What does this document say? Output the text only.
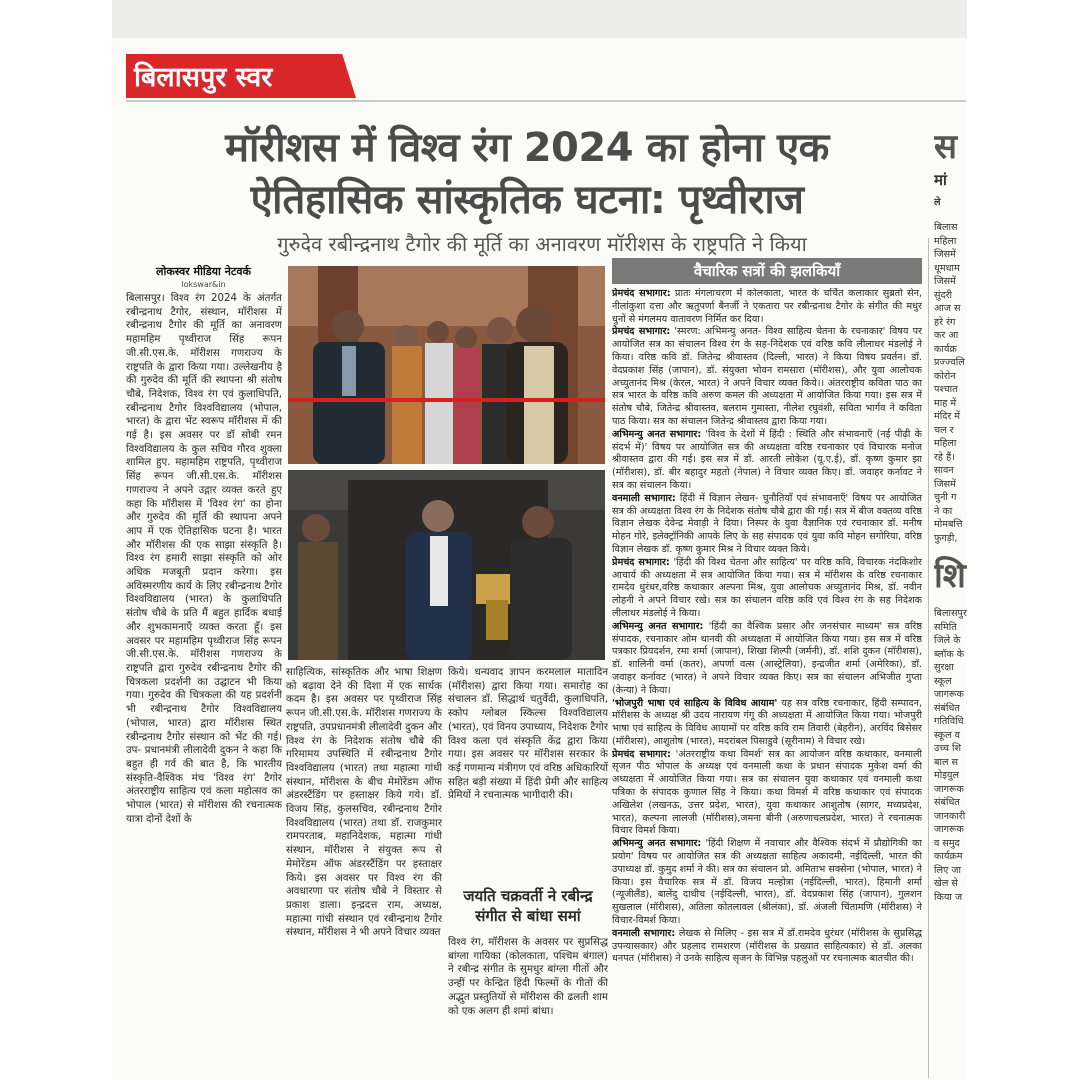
बिलासपुर स्वर
मॉरीशस में विश्व रंग 2024 का होना एक
ऐतिहासिक सांस्कृतिक घटना: पृथ्वीराज
गुरुदेव रबीन्द्रनाथ टैगोर की मूर्ति का अनावरण मॉरीशस के राष्ट्रपति ने किया
लोकस्वर मीडिया नेटवर्क
lokswar&in
बिलासपुर। विश्व रंग 2024 के अंतर्गत रबीन्द्रनाथ टैगोर, संस्थान, मॉरीशस में रबीन्द्रनाथ टैगोर की मूर्ति का अनावरण महामहिम पृथ्वीराज सिंह रूपन जी.सी.एस.के. मॉरीशस गणराज्य के राष्ट्रपति के द्वारा किया गया। उल्लेखनीय है की गुरुदेव की मूर्ति की स्थापना श्री संतोष चौबे, निदेशक, विश्व रंग एवं कुलाधिपति, रबीन्द्रनाथ टैगोर विश्वविद्यालय (भोपाल, भारत) के द्वारा भेंट स्वरूप मॉरीशस में की गई है। इस अवसर पर डॉ सोबी रमन विश्वविद्यालय के कुल सचिव गौरव शुक्ला शामिल हुए. महामहिम राष्ट्रपति, पृथ्वीराज सिंह रूपन जी.सी.एस.के. मॉरीशस गणराज्य ने अपने उद्गार व्यक्त करते हुए कहा कि मॉरीशस में 'विश्व रंग' का होना और गुरुदेव की मूर्ति की स्थापना अपने आप में एक ऐतिहासिक घटना है। भारत और मॉरीशस की एक साझा संस्कृति है। विश्व रंग हमारी साझा संस्कृति को ओर अधिक मजबूती प्रदान करेगा। इस अविस्मरणीय कार्य के लिए रबीन्द्रनाथ टैगोर विश्वविद्यालय (भारत) के कुलाधिपति संतोष चौबे के प्रति मैं बहुत हार्दिक बधाई और शुभकामनाएँ व्यक्त करता हूँ। इस अवसर पर महामहिम पृथ्वीराज सिंह रूपन जी.सी.एस.के. मॉरीशस गणराज्य के राष्ट्रपति द्वारा गुरुदेव रबीन्द्रनाथ टैगोर की चित्रकला प्रदर्शनी का उद्घाटन भी किया गया। गुरुदेव की चित्रकला की यह प्रदर्शनी भी रबीन्द्रनाथ टैगोर विश्वविद्यालय (भोपाल, भारत) द्वारा मॉरीशस स्थित रबीन्द्रनाथ टैगोर संस्थान को भेंट की गई। उप- प्रधानमंत्री लीलादेवी दुकन ने कहा कि बहुत ही गर्व की बात है, कि भारतीय संस्कृति-वैश्विक मंच 'विश्व रंग' टैगोर अंतरराष्ट्रीय साहित्य एवं कला महोत्सव का भोपाल (भारत) से मॉरीशस की रचनात्मक यात्रा दोनों देशों के
साहित्यिक, सांस्कृतिक और भाषा शिक्षण को बढ़ावा देने की दिशा में एक सार्थक कदम है। इस अवसर पर पृथ्वीराज सिंह रूपन जी.सी.एस.के. मॉरीशस गणराज्य के राष्ट्रपति, उपप्रधानमंत्री लीलादेवी दुकन और विश्व रंग के निदेशक संतोष चौबे की गरिमामय उपस्थिति में रबीन्द्रनाथ टैगोर विश्वविद्यालय (भारत) तथा महात्मा गांधी संस्थान, मॉरीशस के बीच मेमोरेंडम ऑफ अंडरस्टैंडिंग पर हस्ताक्षर किये गये। डॉ. विजय सिंह, कुलसचिव, रबीन्द्रनाथ टैगोर विश्वविद्यालय (भारत) तथा डॉ. राजकुमार रामपरताब, महानिदेशक, महात्मा गांधी संस्थान, मॉरीशस ने संयुक्त रूप से मेमोरेंडम ऑफ अंडरस्टैंडिंग पर हस्ताक्षर किये। इस अवसर पर विश्व रंग की अवधारणा पर संतोष चौबे ने विस्तार से प्रकाश डाला। इन्द्रदत्त राम, अध्यक्ष, महात्मा गांधी संस्थान एवं रबीन्द्रनाथ टैगोर संस्थान, मॉरीशस ने भी अपने विचार व्यक्त
किये। धन्यवाद ज्ञापन करमलाल मातादिन (मॉरीशस) द्वारा किया गया। समारोह का संचालन डॉ. सिद्धार्थ चतुर्वेदी, कुलाधिपति, स्कोप ग्लोबल स्किल्स विश्वविद्यालय (भारत), एवं विनय उपाध्याय, निदेशक टैगोर विश्व कला एवं संस्कृति केंद्र द्वारा किया गया। इस अवसर पर मॉरीशस सरकार के कई गणमान्य मंत्रीगण एवं वरिष्ठ अधिकारियों सहित बड़ी संख्या में हिंदी प्रेमी और साहित्य प्रेमियों ने रचनात्मक भागीदारी की।
जयति चक्रवर्ती ने रबीन्द्र संगीत से बांधा समां
विश्व रंग, मॉरीशस के अवसर पर सुप्रसिद्ध बांग्ला गायिका (कोलकाता, पश्चिम बंगाल) ने रबीन्द्र संगीत के सुमधुर बांग्ला गीतों और उन्हीं पर केन्द्रित हिंदी फिल्मों के गीतों की अद्भुत प्रस्तुतियों से मॉरीशस की ढलती शाम को एक अलग ही शमां बांधा।
वैचारिक सत्रों की झलकियाँ

प्रेमचंद सभागार: प्रातः मंगलाचरण में कोलकाता, भारत के चर्चित कलाकार सुब्रतो सेन, नीलांकुशा दत्ता और ऋतुपर्णा बैनर्जी ने एकतारा पर रबीन्द्रनाथ टैगोर के संगीत की मधुर धुनों से मंगलमय वातावरण निर्मित कर दिया।

प्रेमचंद सभागार: 'स्मरण: अभिमन्यु अनत- विश्व साहित्य चेतना के रचनाकार' विषय पर आयोजित सत्र का संचालन विश्व रंग के सह-निदेशक एवं वरिष्ठ कवि लीलाधर मंडलोई ने किया। वरिष्ठ कवि डॉ. जितेन्द्र श्रीवास्तव (दिल्ली, भारत) ने किया विषय प्रवर्तन। डॉ. वेदप्रकाश सिंह (जापान), डॉ. संयुक्ता भोवन रामसारा (मॉरीशस), और युवा आलोचक अच्युतानंद मिश्र (केरल, भारत) ने अपने विचार व्यक्त किये।। अंतरराष्ट्रीय कविता पाठ का सत्र भारत के वरिष्ठ कवि अरुण कमल की अध्यक्षता में आयोजित किया गया। इस सत्र में संतोष चौबे, जितेन्द्र श्रीवास्तव, बलराम गुमास्ता, नीलेश रघुवंशी, सविता भार्गव ने कविता पाठ किया। सत्र का संचालन जितेन्द्र श्रीवास्तव द्वारा किया गया।

अभिमन्यु अनत सभागार: 'विश्व के देशों में हिंदी : स्थिति और संभावनाएँ (नई पीढ़ी के संदर्भ में)' विषय पर आयोजित सत्र की अध्यक्षता वरिष्ठ रचनाकार एवं विचारक मनोज श्रीवास्तव द्वारा की गई। इस सत्र में डॉ. आरती लोकेश (यू.ए.ई), डॉ. कृष्ण कुमार झा (मॉरीशस), डॉ. बीर बहादुर महतो (नेपाल) ने विचार व्यक्त किए। डॉ. जवाहर कर्नावट ने सत्र का संचालन किया।

वनमाली सभागार: हिंदी में विज्ञान लेखन- चुनौतियाँ एवं संभावनाएँ' विषय पर आयोजित सत्र की अध्यक्षता विश्व रंग के निदेशक संतोष चौबे द्वारा की गई। सत्र में बीज वक्तव्य वरिष्ठ विज्ञान लेखक देवेन्द्र मेवाड़ी ने दिया। निस्पर के युवा वैज्ञानिक एवं रचनाकार डॉ. मनीष मोहन गोरे, इलेक्ट्रॉनिकी आपके लिए के सह संपादक एवं युवा कवि मोहन सगोरिया, वरिष्ठ विज्ञान लेखक डॉ. कृष्ण कुमार मिश्र ने विचार व्यक्त किये।

प्रेमचंद सभागार: 'हिंदी की विश्व चेतना और साहित्य' पर वरिष्ठ कवि, विचारक नंदकिशोर आचार्य की अध्यक्षता में सत्र आयोजित किया गया। सत्र में मॉरीशस के वरिष्ठ रचनाकार रामदेव धुरंधर,वरिष्ठ कथाकार अल्पना मिश्र, युवा आलोचक अच्युतानंद मिश्र, डॉ. नवीन लोहनी ने अपने विचार रखे। सत्र का संचालन वरिष्ठ कवि एवं विश्व रंग के सह निदेशक लीलाधर मंडलोई ने किया।

अभिमन्यु अनत सभागार: 'हिंदी का वैश्विक प्रसार और जनसंचार माध्यम' सत्र वरिष्ठ संपादक, रचनाकार ओम थानवी की अध्यक्षता में आयोजित किया गया। इस सत्र में वरिष्ठ पत्रकार प्रियदर्शन, रमा शर्मा (जापान), शिखा शिल्पी (जर्मनी), डॉ. शशि दुकन (मॉरीशस), डॉ. शालिनी वर्मा (कतर), अपर्णा वत्स (आस्ट्रेलिया), इन्द्रजीत शर्मा (अमेरिका), डॉ. जवाहर कर्नावट (भारत) ने अपने विचार व्यक्त किए। सत्र का संचालन अभिजीत गुप्ता (केन्या) ने किया।

'भोजपुरी भाषा एवं साहित्य के विविध आयाम' यह सत्र वरिष्ठ रचनाकार, हिंदी सम्पादन, मॉरीशस के अध्यक्ष श्री उदय नारायण गंगू की अध्यक्षता में आयोजित किया गया। भोजपुरी भाषा एवं साहित्य के विविध आयामों पर वरिष्ठ कवि राम तिवारी (बेहरीन), अरविंद बिसेसर (मॉरीशस), आशुतोष (भारत), मदरांबल पिसाडुवे (सूरीनाम) ने विचार रखे।

प्रेमचंद सभागार: 'अंतरराष्ट्रीय कथा विमर्श' सत्र का आयोजन वरिष्ठ कथाकार, वनमाली सृजन पीठ भोपाल के अध्यक्ष एवं वनमाली कथा के प्रधान संपादक मुकेश वर्मा की अध्यक्षता में आयोजित किया गया। सत्र का संचालन युवा कथाकार एवं वनमाली कथा पत्रिका के संपादक कुणाल सिंह ने किया। कथा विमर्श में वरिष्ठ कथाकार एवं संपादक अखिलेश (लखनऊ, उत्तर प्रदेश, भारत), युवा कथाकार आशुतोष (सागर, मध्यप्रदेश, भारत), कल्पना लालजी (मॉरीशस),जमना बीनी (अरुणाचलप्रदेश, भारत) ने रचनात्मक विचार विमर्श किया।

अभिमन्यु अनत सभागार: 'हिंदी शिक्षण में नवाचार और वैश्विक संदर्भ में प्रौद्योगिकी का प्रयोग' विषय पर आयोजित सत्र की अध्यक्षता साहित्य अकादमी, नईदिल्ली, भारत की उपाध्यक्ष डॉ. कुमुद शर्मा ने की। सत्र का संचालन प्रो. अमिताभ सक्सेना (भोपाल, भारत) ने किया। इस वैचारिक सत्र में डॉ. विजय मल्होत्रा (नईदिल्ली, भारत), हिमानी शर्मा (न्यूजीलैंड), बालेंदु दाधीच (नईदिल्ली, भारत), डॉ. वेदप्रकाश सिंह (जापान), गुलशन सुखलाल (मॉरीशस), अतिला कोतलावल (श्रीलंका), डॉ. अंजली चिंतामणि (मॉरीशस) ने विचार-विमर्श किया।

वनमाली सभागार: लेखक से मिलिए - इस सत्र में डॉ.रामदेव धुरंधर (मॉरीशस के सुप्रसिद्ध उपन्यासकार) और प्रहलाद रामशरण (मॉरीशस के प्रख्यात साहित्यकार) से डॉ. अलका धनपत (मॉरीशस) ने उनके साहित्य सृजन के विभिन्न पहलुओं पर रचनात्मक बातचीत की।

स
मां
ले
बिलास
महिला
जिसमें
धूमधाम
जिसमें
सुंदरी
आज स
हरे रंग
कर आ
कार्यक्र
प्रज्ज्वलि
कोरोन
पश्चात
माह में
मंदिर में
चल र
महिला
रहे हैं।
सावन
जिसमें
चुनी ग
ने का
मोमबत्ति
फुगड़ी,
शि
बिलासपुर
समिति
जिले के
ब्लॉक के
सुरक्षा
स्कूल
जागरूक
संबंधित
गतिविधि
स्कूल व
उच्च शि
बाल स
मोइयुल
जागरूक
संबंधित
जानकारी
जागरूक
व समुद
कार्यक्रम
लिए जा
खेल से
किया ज
